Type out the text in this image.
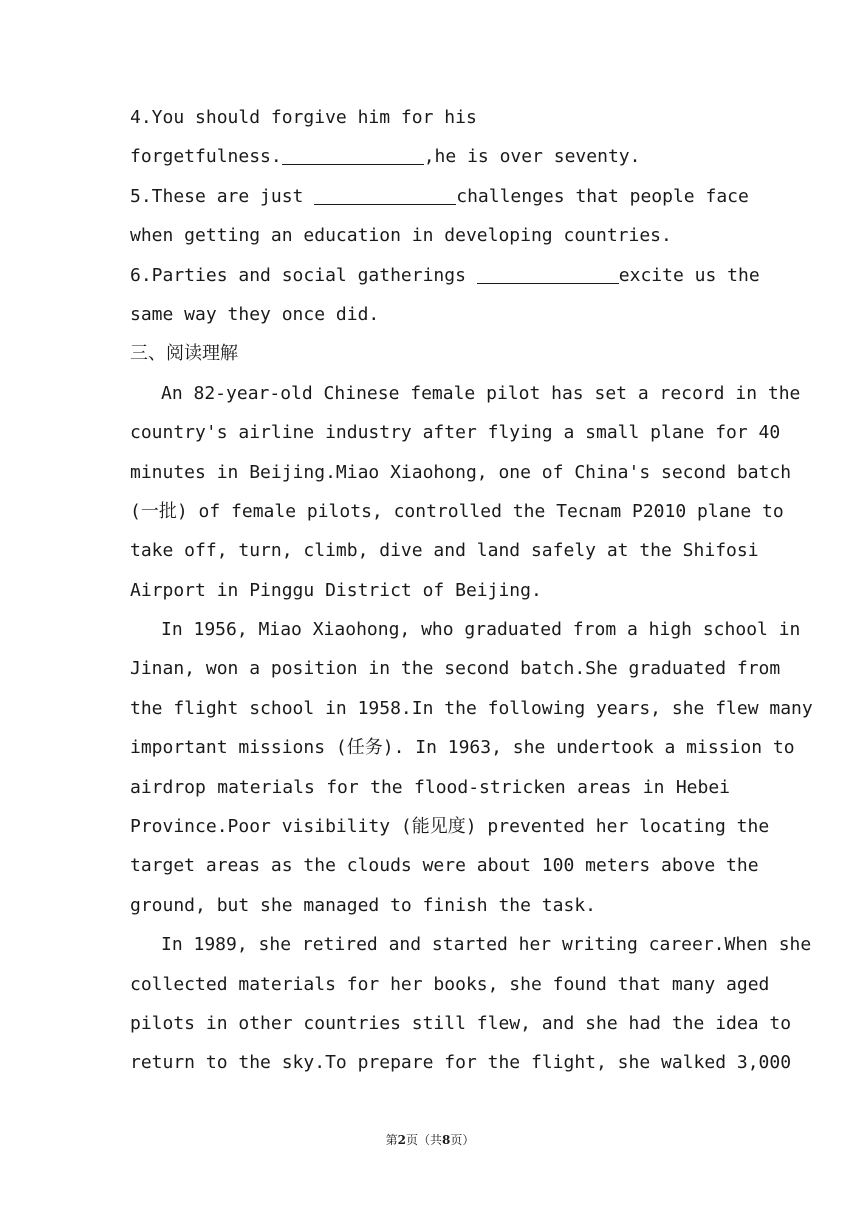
4.You should forgive him for his
forgetfulness.	,he is over seventy.
5.These are just	challenges that people face
when getting an education in developing countries.
6.Parties and social gatherings	excite us the
same way they once did.
三、阅读理解
An 82-year-old Chinese female pilot has set a record in the
country's airline industry after flying a small plane for 40
minutes in Beijing.Miao Xiaohong, one of China's second batch
(一批) of female pilots, controlled the Tecnam P2010 plane to
take off, turn, climb, dive and land safely at the Shifosi
Airport in Pinggu District of Beijing.
In 1956, Miao Xiaohong, who graduated from a high school in
Jinan, won a position in the second batch.She graduated from
the flight school in 1958.In the following years, she flew many
important missions (任务). In 1963, she undertook a mission to
airdrop materials for the flood-stricken areas in Hebei
Province.Poor visibility (能见度) prevented her locating the
target areas as the clouds were about 100 meters above the
ground, but she managed to finish the task.
In 1989, she retired and started her writing career.When she
collected materials for her books, she found that many aged
pilots in other countries still flew, and she had the idea to
return to the sky.To prepare for the flight, she walked 3,000
第2页（共8页）
